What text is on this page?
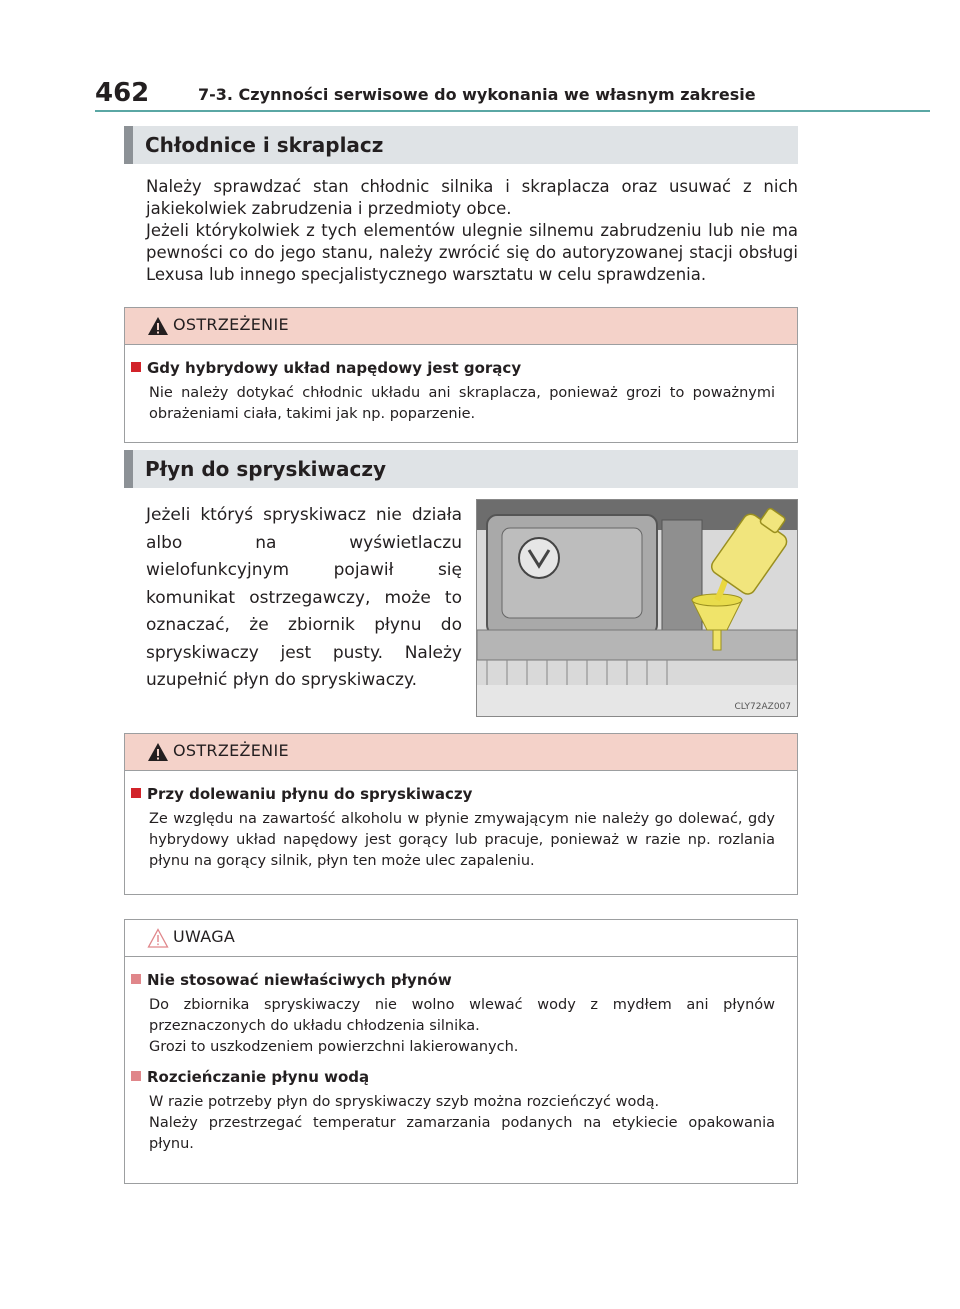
462	7-3. Czynności serwisowe do wykonania we własnym zakresie
Chłodnice i skraplacz

Należy sprawdzać stan chłodnic silnika i skraplacza oraz usuwać z nich jakiekolwiek zabrudzenia i przedmioty obce.

Jeżeli którykolwiek z tych elementów ulegnie silnemu zabrudzeniu lub nie ma pewności co do jego stanu, należy zwrócić się do autoryzowanej stacji obsługi Lexusa lub innego specjalistycznego warsztatu w celu sprawdzenia.

OSTRZEŻENIE
Gdy hybrydowy układ napędowy jest gorący

Nie należy dotykać chłodnic układu ani skraplacza, ponieważ grozi to poważnymi obrażeniami ciała, takimi jak np. poparzenie.

Płyn do spryskiwaczy

Jeżeli któryś spryskiwacz nie działa albo na wyświetlaczu wielofunkcyjnym pojawił się komunikat ostrzegawczy, może to oznaczać, że zbiornik płynu do spryskiwaczy jest pusty. Należy uzupełnić płyn do spryskiwaczy.

CLY72AZ007
OSTRZEŻENIE
Przy dolewaniu płynu do spryskiwaczy

Ze względu na zawartość alkoholu w płynie zmywającym nie należy go dolewać, gdy hybrydowy układ napędowy jest gorący lub pracuje, ponieważ w razie np. rozlania płynu na gorący silnik, płyn ten może ulec zapaleniu.

UWAGA
Nie stosować niewłaściwych płynów

Do zbiornika spryskiwaczy nie wolno wlewać wody z mydłem ani płynów przeznaczonych do układu chłodzenia silnika.

Grozi to uszkodzeniem powierzchni lakierowanych.

Rozcieńczanie płynu wodą

W razie potrzeby płyn do spryskiwaczy szyb można rozcieńczyć wodą.

Należy przestrzegać temperatur zamarzania podanych na etykiecie opakowania płynu.
